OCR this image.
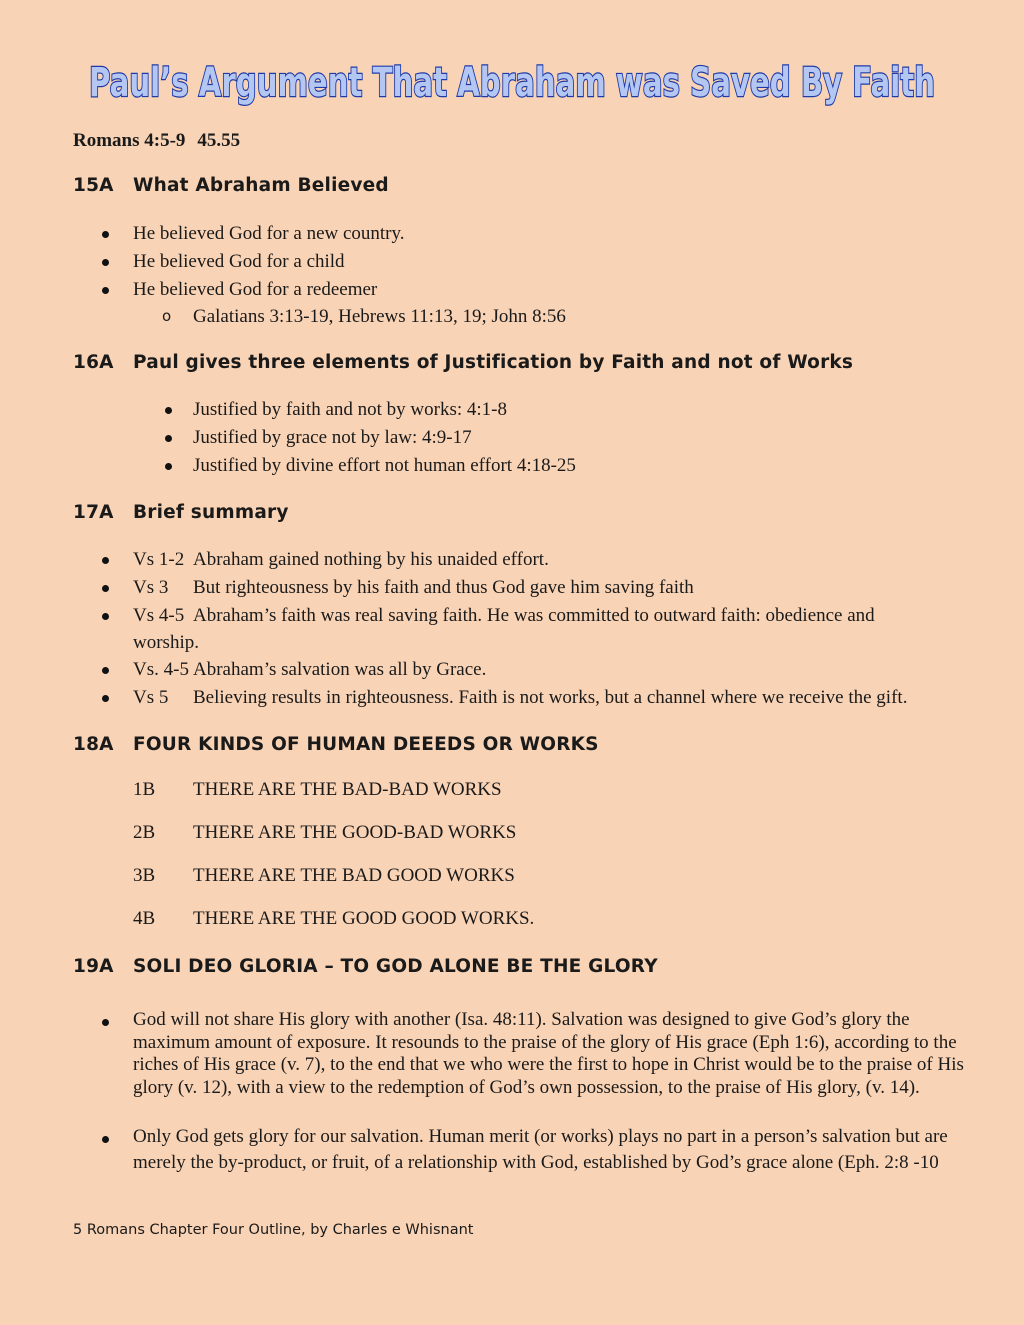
Paul’s Argument That Abraham was Saved By Faith
Romans 4:5-9 45.55
15A What Abraham Believed
He believed God for a new country.
He believed God for a child
He believed God for a redeemer
o Galatians 3:13-19, Hebrews 11:13, 19; John 8:56
16A Paul gives three elements of Justification by Faith and not of Works
Justified by faith and not by works: 4:1-8
Justified by grace not by law: 4:9-17
Justified by divine effort not human effort 4:18-25
17A Brief summary
Vs 1-2 Abraham gained nothing by his unaided effort.
Vs 3 But righteousness by his faith and thus God gave him saving faith
Vs 4-5 Abraham’s faith was real saving faith. He was committed to outward faith: obedience and
worship.
Vs. 4-5 Abraham’s salvation was all by Grace.
Vs 5 Believing results in righteousness. Faith is not works, but a channel where we receive the gift.
18A FOUR KINDS OF HUMAN DEEEDS OR WORKS
1B THERE ARE THE BAD-BAD WORKS
2B THERE ARE THE GOOD-BAD WORKS
3B THERE ARE THE BAD GOOD WORKS
4B THERE ARE THE GOOD GOOD WORKS.
19A SOLI DEO GLORIA – TO GOD ALONE BE THE GLORY
God will not share His glory with another (Isa. 48:11). Salvation was designed to give God’s glory the maximum amount of exposure. It resounds to the praise of the glory of His grace (Eph 1:6), according to the riches of His grace (v. 7), to the end that we who were the first to hope in Christ would be to the praise of His glory (v. 12), with a view to the redemption of God’s own possession, to the praise of His glory, (v. 14).
Only God gets glory for our salvation. Human merit (or works) plays no part in a person’s salvation but are merely the by-product, or fruit, of a relationship with God, established by God’s grace alone (Eph. 2:8 -10
5 Romans Chapter Four Outline, by Charles e Whisnant
